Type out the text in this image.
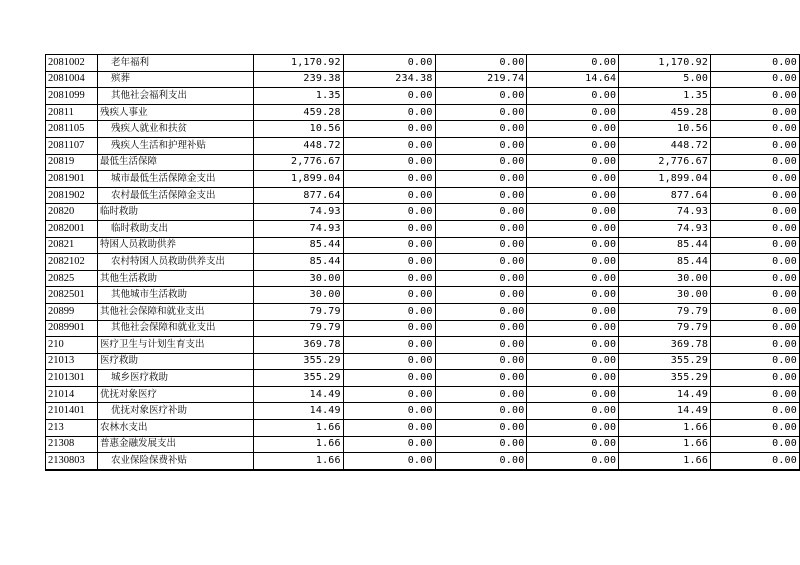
2081002	老年福利	1,170.92	0.00	0.00	0.00	1,170.92	0.00
2081004	殡葬	239.38	234.38	219.74	14.64	5.00	0.00
2081099	其他社会福利支出	1.35	0.00	0.00	0.00	1.35	0.00
20811	残疾人事业	459.28	0.00	0.00	0.00	459.28	0.00
2081105	残疾人就业和扶贫	10.56	0.00	0.00	0.00	10.56	0.00
2081107	残疾人生活和护理补贴	448.72	0.00	0.00	0.00	448.72	0.00
20819	最低生活保障	2,776.67	0.00	0.00	0.00	2,776.67	0.00
2081901	城市最低生活保障金支出	1,899.04	0.00	0.00	0.00	1,899.04	0.00
2081902	农村最低生活保障金支出	877.64	0.00	0.00	0.00	877.64	0.00
20820	临时救助	74.93	0.00	0.00	0.00	74.93	0.00
2082001	临时救助支出	74.93	0.00	0.00	0.00	74.93	0.00
20821	特困人员救助供养	85.44	0.00	0.00	0.00	85.44	0.00
2082102	农村特困人员救助供养支出	85.44	0.00	0.00	0.00	85.44	0.00
20825	其他生活救助	30.00	0.00	0.00	0.00	30.00	0.00
2082501	其他城市生活救助	30.00	0.00	0.00	0.00	30.00	0.00
20899	其他社会保障和就业支出	79.79	0.00	0.00	0.00	79.79	0.00
2089901	其他社会保障和就业支出	79.79	0.00	0.00	0.00	79.79	0.00
210	医疗卫生与计划生育支出	369.78	0.00	0.00	0.00	369.78	0.00
21013	医疗救助	355.29	0.00	0.00	0.00	355.29	0.00
2101301	城乡医疗救助	355.29	0.00	0.00	0.00	355.29	0.00
21014	优抚对象医疗	14.49	0.00	0.00	0.00	14.49	0.00
2101401	优抚对象医疗补助	14.49	0.00	0.00	0.00	14.49	0.00
213	农林水支出	1.66	0.00	0.00	0.00	1.66	0.00
21308	普惠金融发展支出	1.66	0.00	0.00	0.00	1.66	0.00
2130803	农业保险保费补贴	1.66	0.00	0.00	0.00	1.66	0.00
